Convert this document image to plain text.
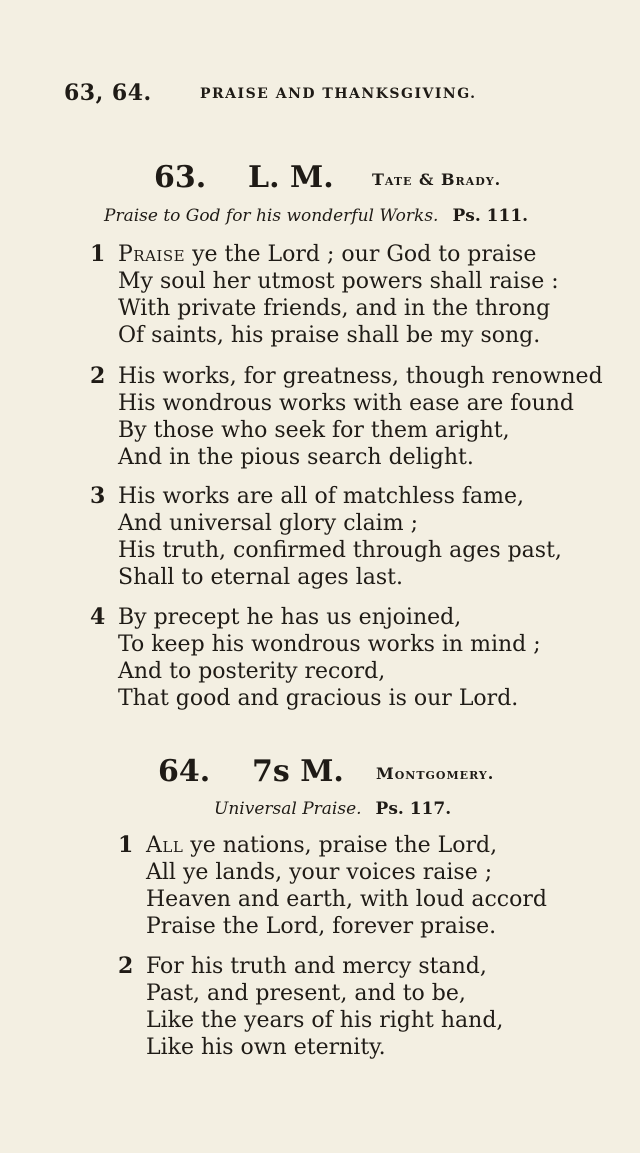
63, 64.	PRAISE AND THANKSGIVING.
63. L. M. Tate & Brady.
Praise to God for his wonderful Works. Ps. 111.
1 Praise ye the Lord ; our God to praise
My soul her utmost powers shall raise :
With private friends, and in the throng
Of saints, his praise shall be my song.
2 His works, for greatness, though renowned
His wondrous works with ease are found
By those who seek for them aright,
And in the pious search delight.
3 His works are all of matchless fame,
And universal glory claim ;
His truth, confirmed through ages past,
Shall to eternal ages last.
4 By precept he has us enjoined,
To keep his wondrous works in mind ;
And to posterity record,
That good and gracious is our Lord.
64. 7s M. Montgomery.
Universal Praise. Ps. 117.
1 All ye nations, praise the Lord,
All ye lands, your voices raise ;
Heaven and earth, with loud accord
Praise the Lord, forever praise.
2 For his truth and mercy stand,
Past, and present, and to be,
Like the years of his right hand,
Like his own eternity.
